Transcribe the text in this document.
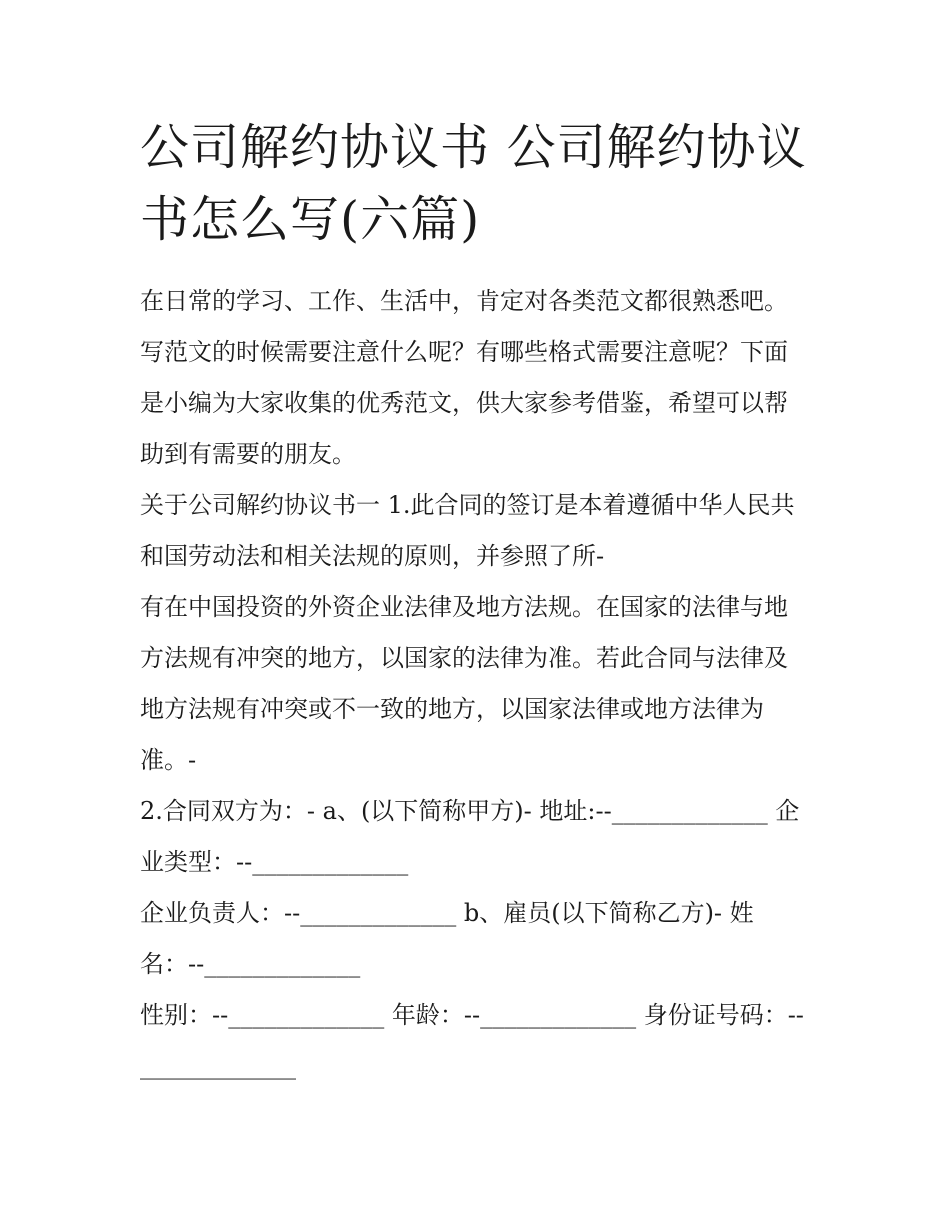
公司解约协议书 公司解约协议
书怎么写(六篇)
在日常的学习、工作、生活中，肯定对各类范文都很熟悉吧。
写范文的时候需要注意什么呢？有哪些格式需要注意呢？下面
是小编为大家收集的优秀范文，供大家参考借鉴，希望可以帮
助到有需要的朋友。
关于公司解约协议书一 1.此合同的签订是本着遵循中华人民共
和国劳动法和相关法规的原则，并参照了所-
有在中国投资的外资企业法律及地方法规。在国家的法律与地
方法规有冲突的地方，以国家的法律为准。若此合同与法律及
地方法规有冲突或不一致的地方，以国家法律或地方法律为
准。-
2.合同双方为：- a、(以下简称甲方)- 地址:--_____________ 企
业类型：--_____________
企业负责人：--_____________ b、雇员(以下简称乙方)- 姓
名：--_____________
性别：--_____________ 年龄：--_____________ 身份证号码：--
_____________
